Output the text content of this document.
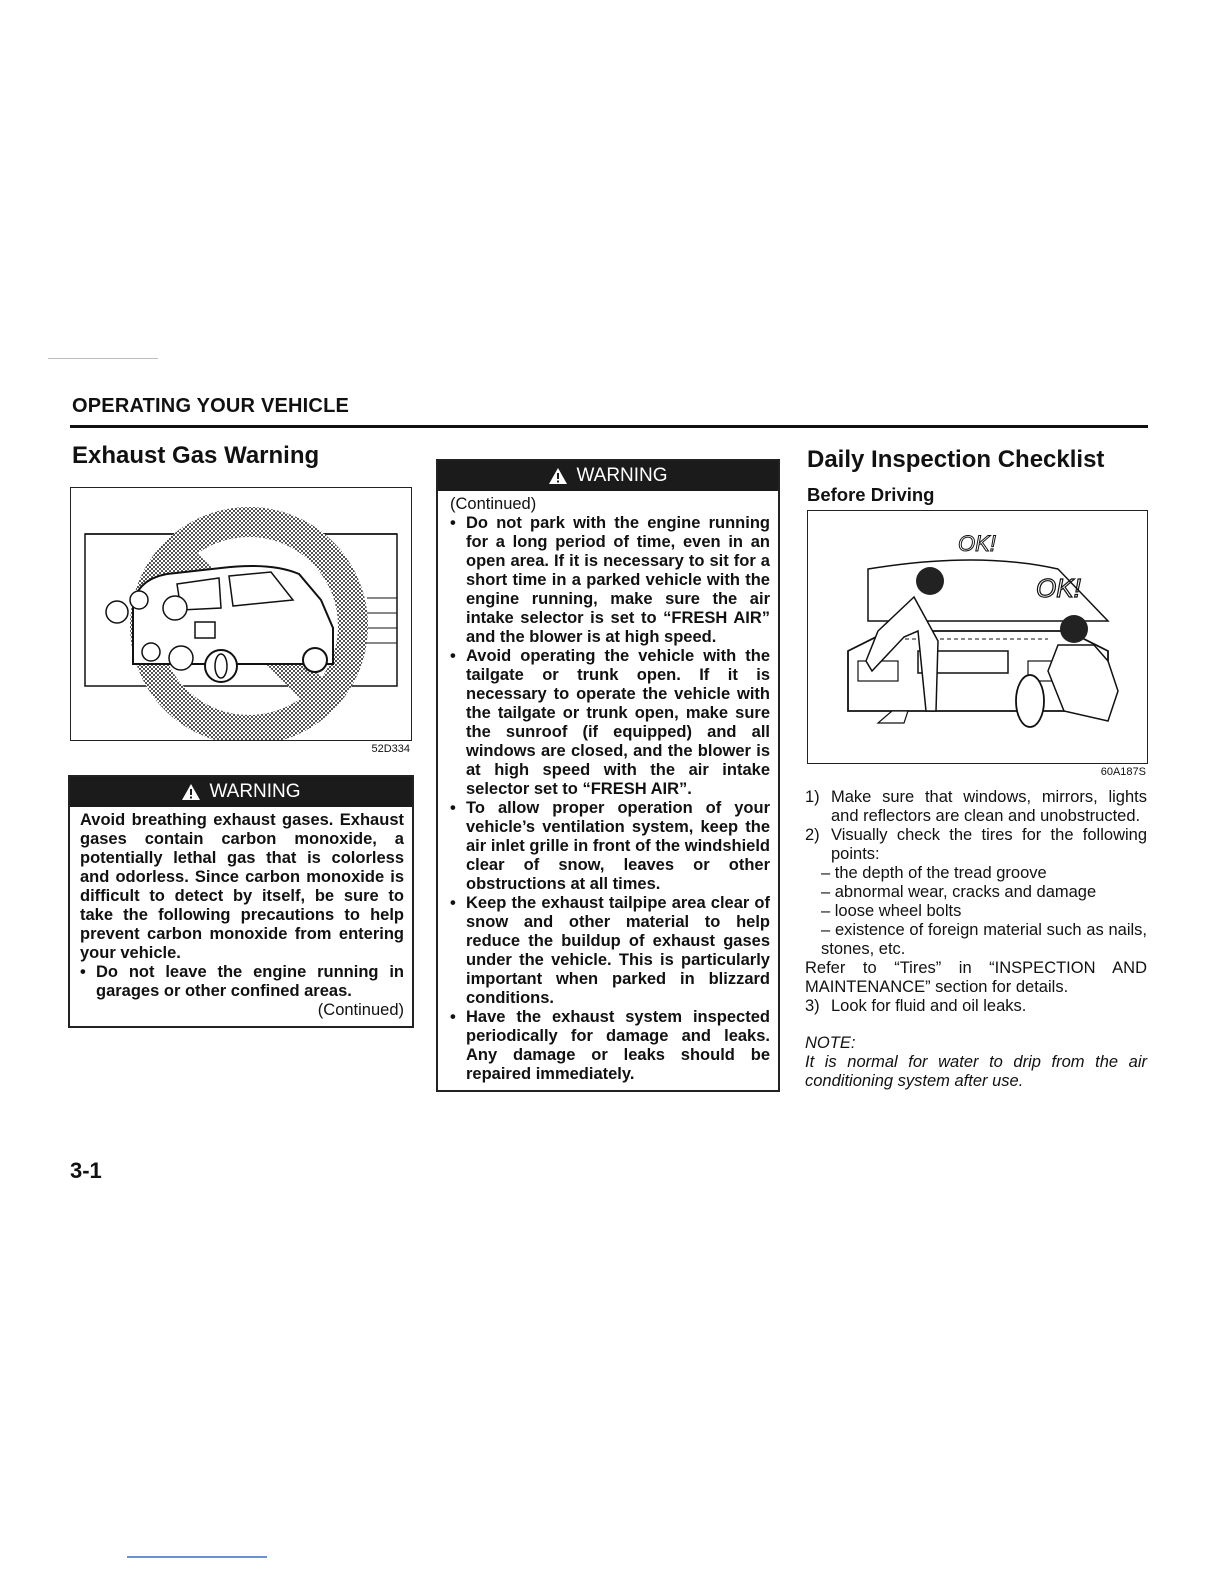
OPERATING YOUR VEHICLE
Exhaust Gas Warning
52D334
WARNING
Avoid breathing exhaust gases. Exhaust gases contain carbon monoxide, a potentially lethal gas that is colorless and odorless. Since carbon monoxide is difficult to detect by itself, be sure to take the following precautions to help prevent carbon monoxide from entering your vehicle.
• Do not leave the engine running in garages or other confined areas.
(Continued)
WARNING
(Continued)
• Do not park with the engine running for a long period of time, even in an open area. If it is necessary to sit for a short time in a parked vehicle with the engine running, make sure the air intake selector is set to “FRESH AIR” and the blower is at high speed.
• Avoid operating the vehicle with the tailgate or trunk open. If it is necessary to operate the vehicle with the tailgate or trunk open, make sure the sunroof (if equipped) and all windows are closed, and the blower is at high speed with the air intake selector set to “FRESH AIR”.
• To allow proper operation of your vehicle’s ventilation system, keep the air inlet grille in front of the windshield clear of snow, leaves or other obstructions at all times.
• Keep the exhaust tailpipe area clear of snow and other material to help reduce the buildup of exhaust gases under the vehicle. This is particularly important when parked in blizzard conditions.
• Have the exhaust system inspected periodically for damage and leaks. Any damage or leaks should be repaired immediately.
Daily Inspection Checklist
Before Driving
OK!
OK!
60A187S
1) Make sure that windows, mirrors, lights and reflectors are clean and unobstructed.
2) Visually check the tires for the following points:
– the depth of the tread groove
– abnormal wear, cracks and damage
– loose wheel bolts
– existence of foreign material such as nails, stones, etc.
Refer to “Tires” in “INSPECTION AND MAINTENANCE” section for details.
3) Look for fluid and oil leaks.
NOTE:
It is normal for water to drip from the air conditioning system after use.
3-1
